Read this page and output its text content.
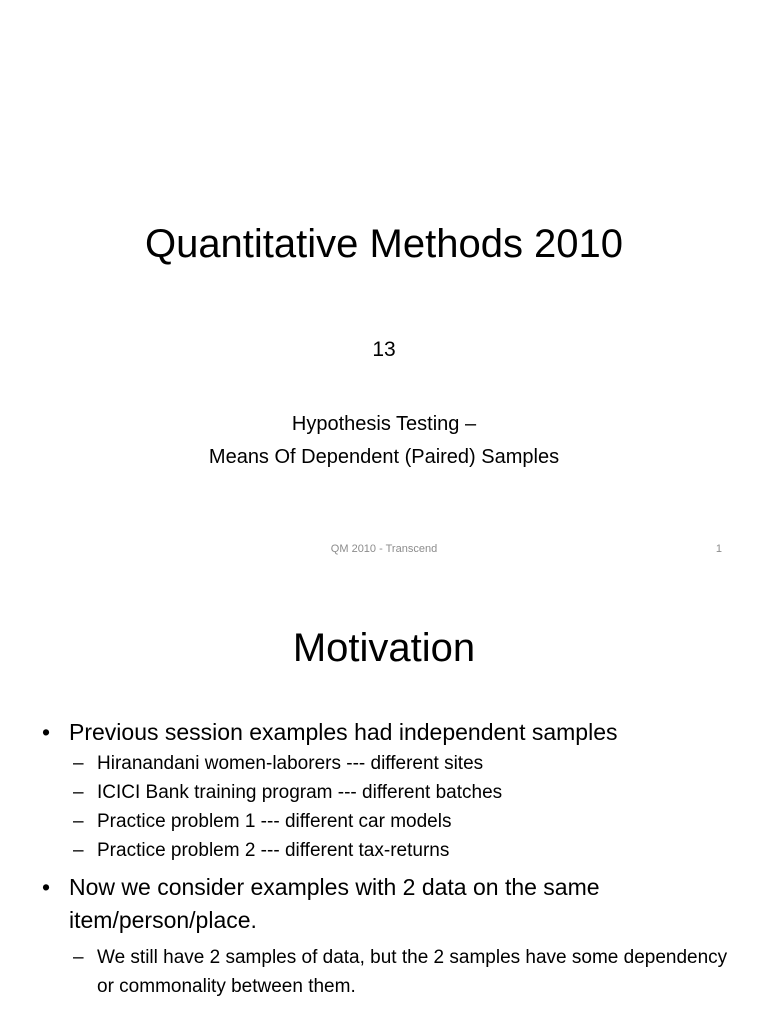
Quantitative Methods 2010
13
Hypothesis Testing –
Means Of Dependent (Paired) Samples
QM 2010 - Transcend	1
Motivation
• Previous session examples had independent samples
– Hiranandani women-laborers --- different sites
– ICICI Bank training program --- different batches
– Practice problem 1 --- different car models
– Practice problem 2 --- different tax-returns
• Now we consider examples with 2 data on the same item/person/place.
– We still have 2 samples of data, but the 2 samples have some dependency or commonality between them.
